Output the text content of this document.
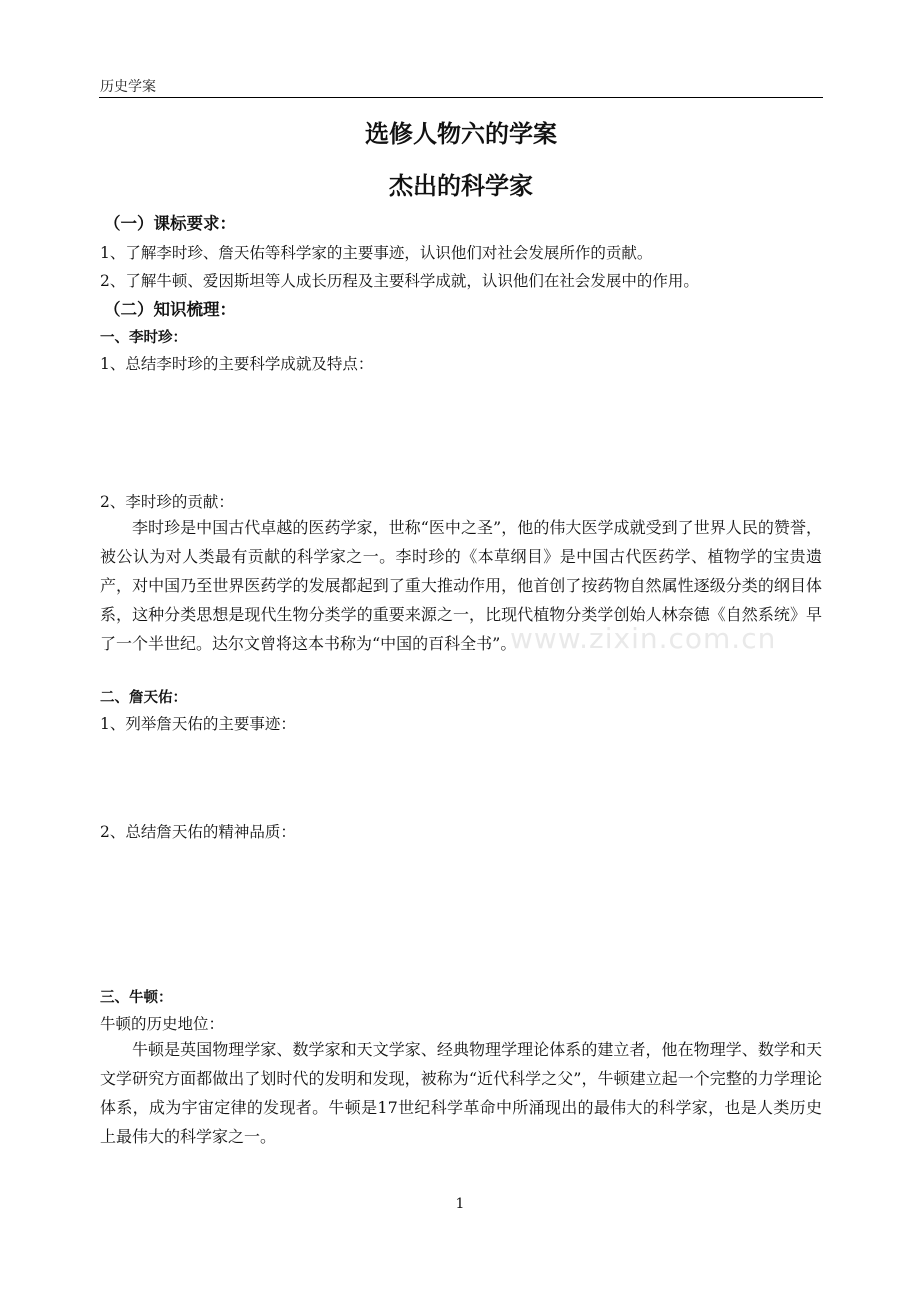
历史学案
选修人物六的学案
杰出的科学家
（一）课标要求：
1、了解李时珍、詹天佑等科学家的主要事迹，认识他们对社会发展所作的贡献。
2、了解牛顿、爱因斯坦等人成长历程及主要科学成就，认识他们在社会发展中的作用。
（二）知识梳理：
一、李时珍：
1、总结李时珍的主要科学成就及特点：
2、李时珍的贡献：
李时珍是中国古代卓越的医药学家，世称“医中之圣”，他的伟大医学成就受到了世界人民的赞誉，被公认为对人类最有贡献的科学家之一。李时珍的《本草纲目》是中国古代医药学、植物学的宝贵遗产，对中国乃至世界医药学的发展都起到了重大推动作用，他首创了按药物自然属性逐级分类的纲目体系，这种分类思想是现代生物分类学的重要来源之一，比现代植物分类学创始人林奈德《自然系统》早了一个半世纪。达尔文曾将这本书称为“中国的百科全书”。
www.zixin.com.cn
二、詹天佑：
1、列举詹天佑的主要事迹：
2、总结詹天佑的精神品质：
三、牛顿：
牛顿的历史地位：
牛顿是英国物理学家、数学家和天文学家、经典物理学理论体系的建立者，他在物理学、数学和天文学研究方面都做出了划时代的发明和发现，被称为“近代科学之父”，牛顿建立起一个完整的力学理论体系，成为宇宙定律的发现者。牛顿是17世纪科学革命中所涌现出的最伟大的科学家，也是人类历史上最伟大的科学家之一。
1
